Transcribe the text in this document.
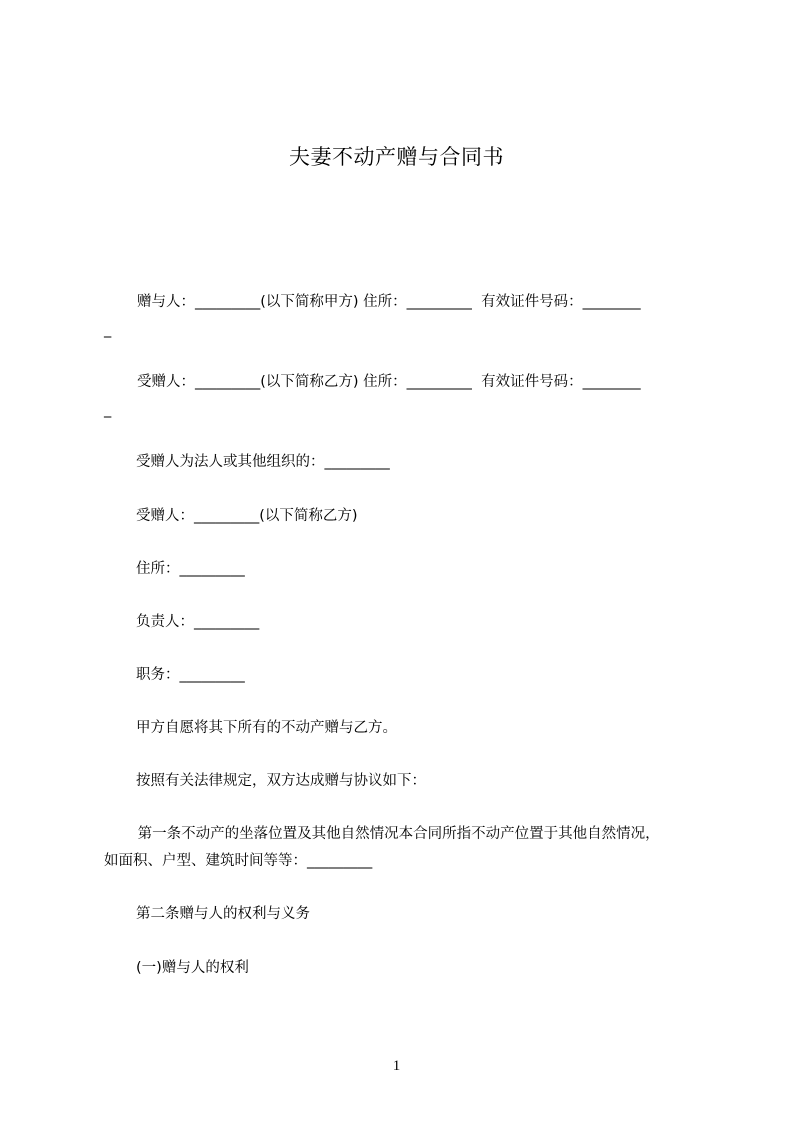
夫妻不动产赠与合同书
赠与人：_________(以下简称甲方) 住所：_________  有效证件号码：________
_
受赠人：_________(以下简称乙方) 住所：_________  有效证件号码：________
_
受赠人为法人或其他组织的：_________
受赠人：_________(以下简称乙方)
住所：_________
负责人：_________
职务：_________
甲方自愿将其下所有的不动产赠与乙方。
按照有关法律规定，双方达成赠与协议如下：
第一条不动产的坐落位置及其他自然情况本合同所指不动产位置于其他自然情况，
如面积、户型、建筑时间等等：_________
第二条赠与人的权利与义务
(一)赠与人的权利
1
